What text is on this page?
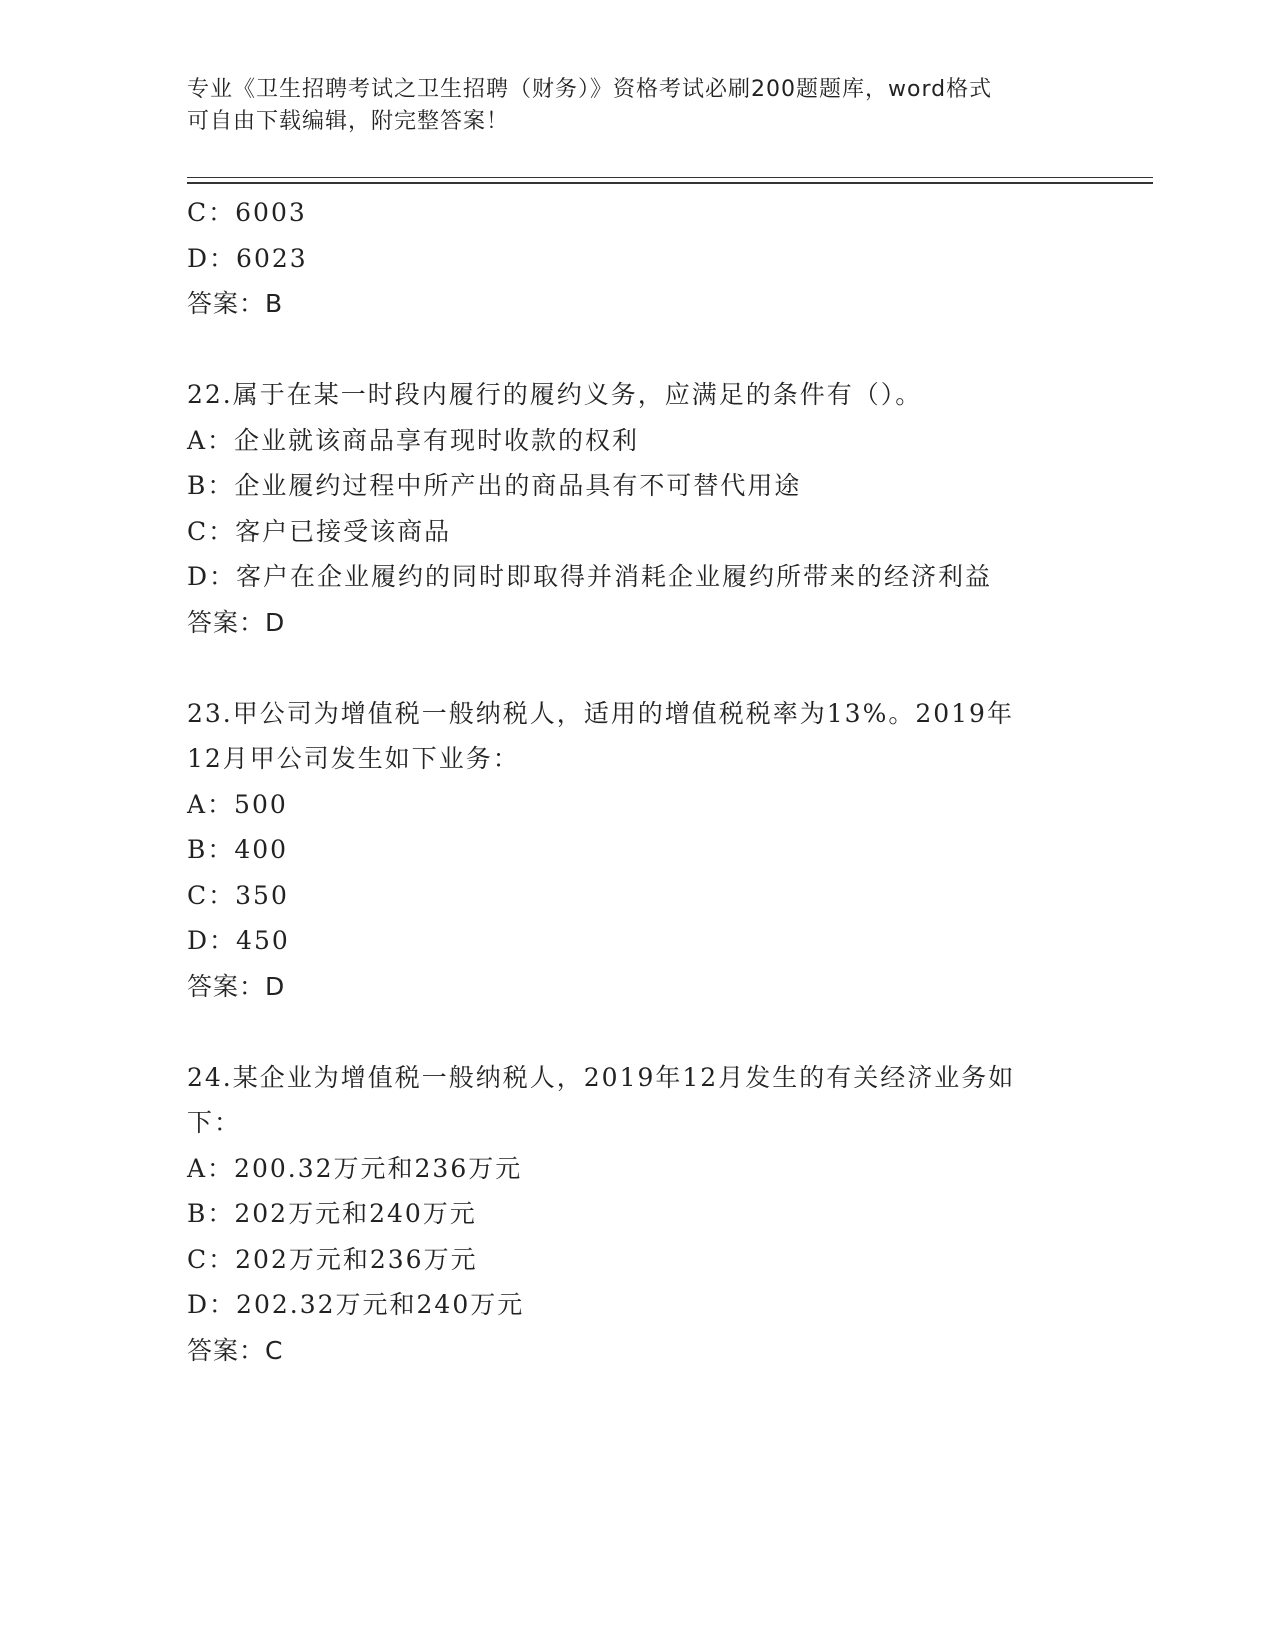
专业《卫生招聘考试之卫生招聘（财务）》资格考试必刷200题题库，word格式
可自由下载编辑，附完整答案！
C：6003
D：6023
答案：B
22.属于在某一时段内履行的履约义务，应满足的条件有（）。
A：企业就该商品享有现时收款的权利
B：企业履约过程中所产出的商品具有不可替代用途
C：客户已接受该商品
D：客户在企业履约的同时即取得并消耗企业履约所带来的经济利益
答案：D
23.甲公司为增值税一般纳税人，适用的增值税税率为13%。2019年
12月甲公司发生如下业务：
A：500
B：400
C：350
D：450
答案：D
24.某企业为增值税一般纳税人，2019年12月发生的有关经济业务如
下：
A：200.32万元和236万元
B：202万元和240万元
C：202万元和236万元
D：202.32万元和240万元
答案：C
